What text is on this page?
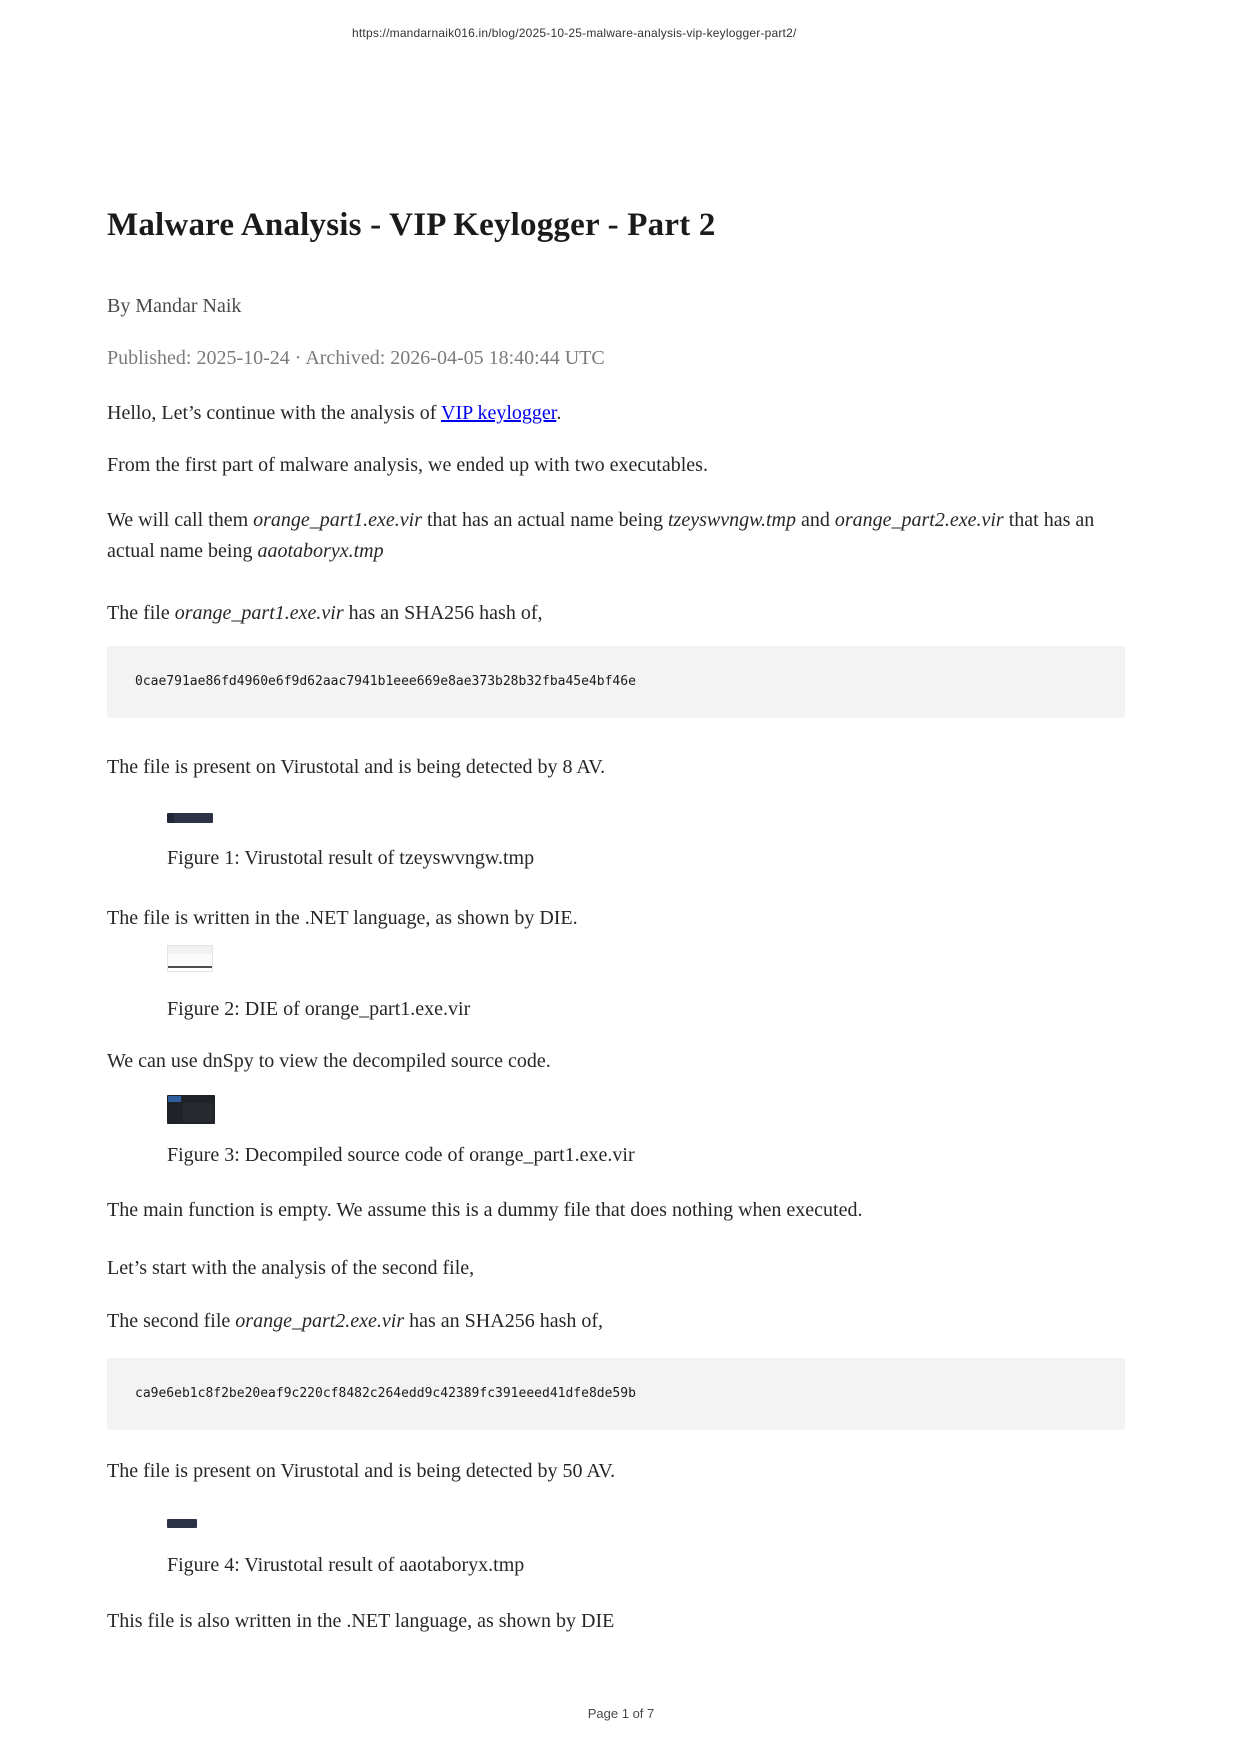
https://mandarnaik016.in/blog/2025-10-25-malware-analysis-vip-keylogger-part2/
Malware Analysis - VIP Keylogger - Part 2

By Mandar Naik

Published: 2025-10-24 · Archived: 2026-04-05 18:40:44 UTC

Hello, Let’s continue with the analysis of VIP keylogger.

From the first part of malware analysis, we ended up with two executables.

We will call them orange_part1.exe.vir that has an actual name being tzeyswvngw.tmp and orange_part2.exe.vir that has an actual name being aaotaboryx.tmp

The file orange_part1.exe.vir has an SHA256 hash of,

0cae791ae86fd4960e6f9d62aac7941b1eee669e8ae373b28b32fba45e4bf46e

The file is present on Virustotal and is being detected by 8 AV.

Figure 1: Virustotal result of tzeyswvngw.tmp

The file is written in the .NET language, as shown by DIE.

Figure 2: DIE of orange_part1.exe.vir

We can use dnSpy to view the decompiled source code.

Figure 3: Decompiled source code of orange_part1.exe.vir

The main function is empty. We assume this is a dummy file that does nothing when executed.

Let’s start with the analysis of the second file,

The second file orange_part2.exe.vir has an SHA256 hash of,

ca9e6eb1c8f2be20eaf9c220cf8482c264edd9c42389fc391eeed41dfe8de59b

The file is present on Virustotal and is being detected by 50 AV.

Figure 4: Virustotal result of aaotaboryx.tmp

This file is also written in the .NET language, as shown by DIE

Page 1 of 7
